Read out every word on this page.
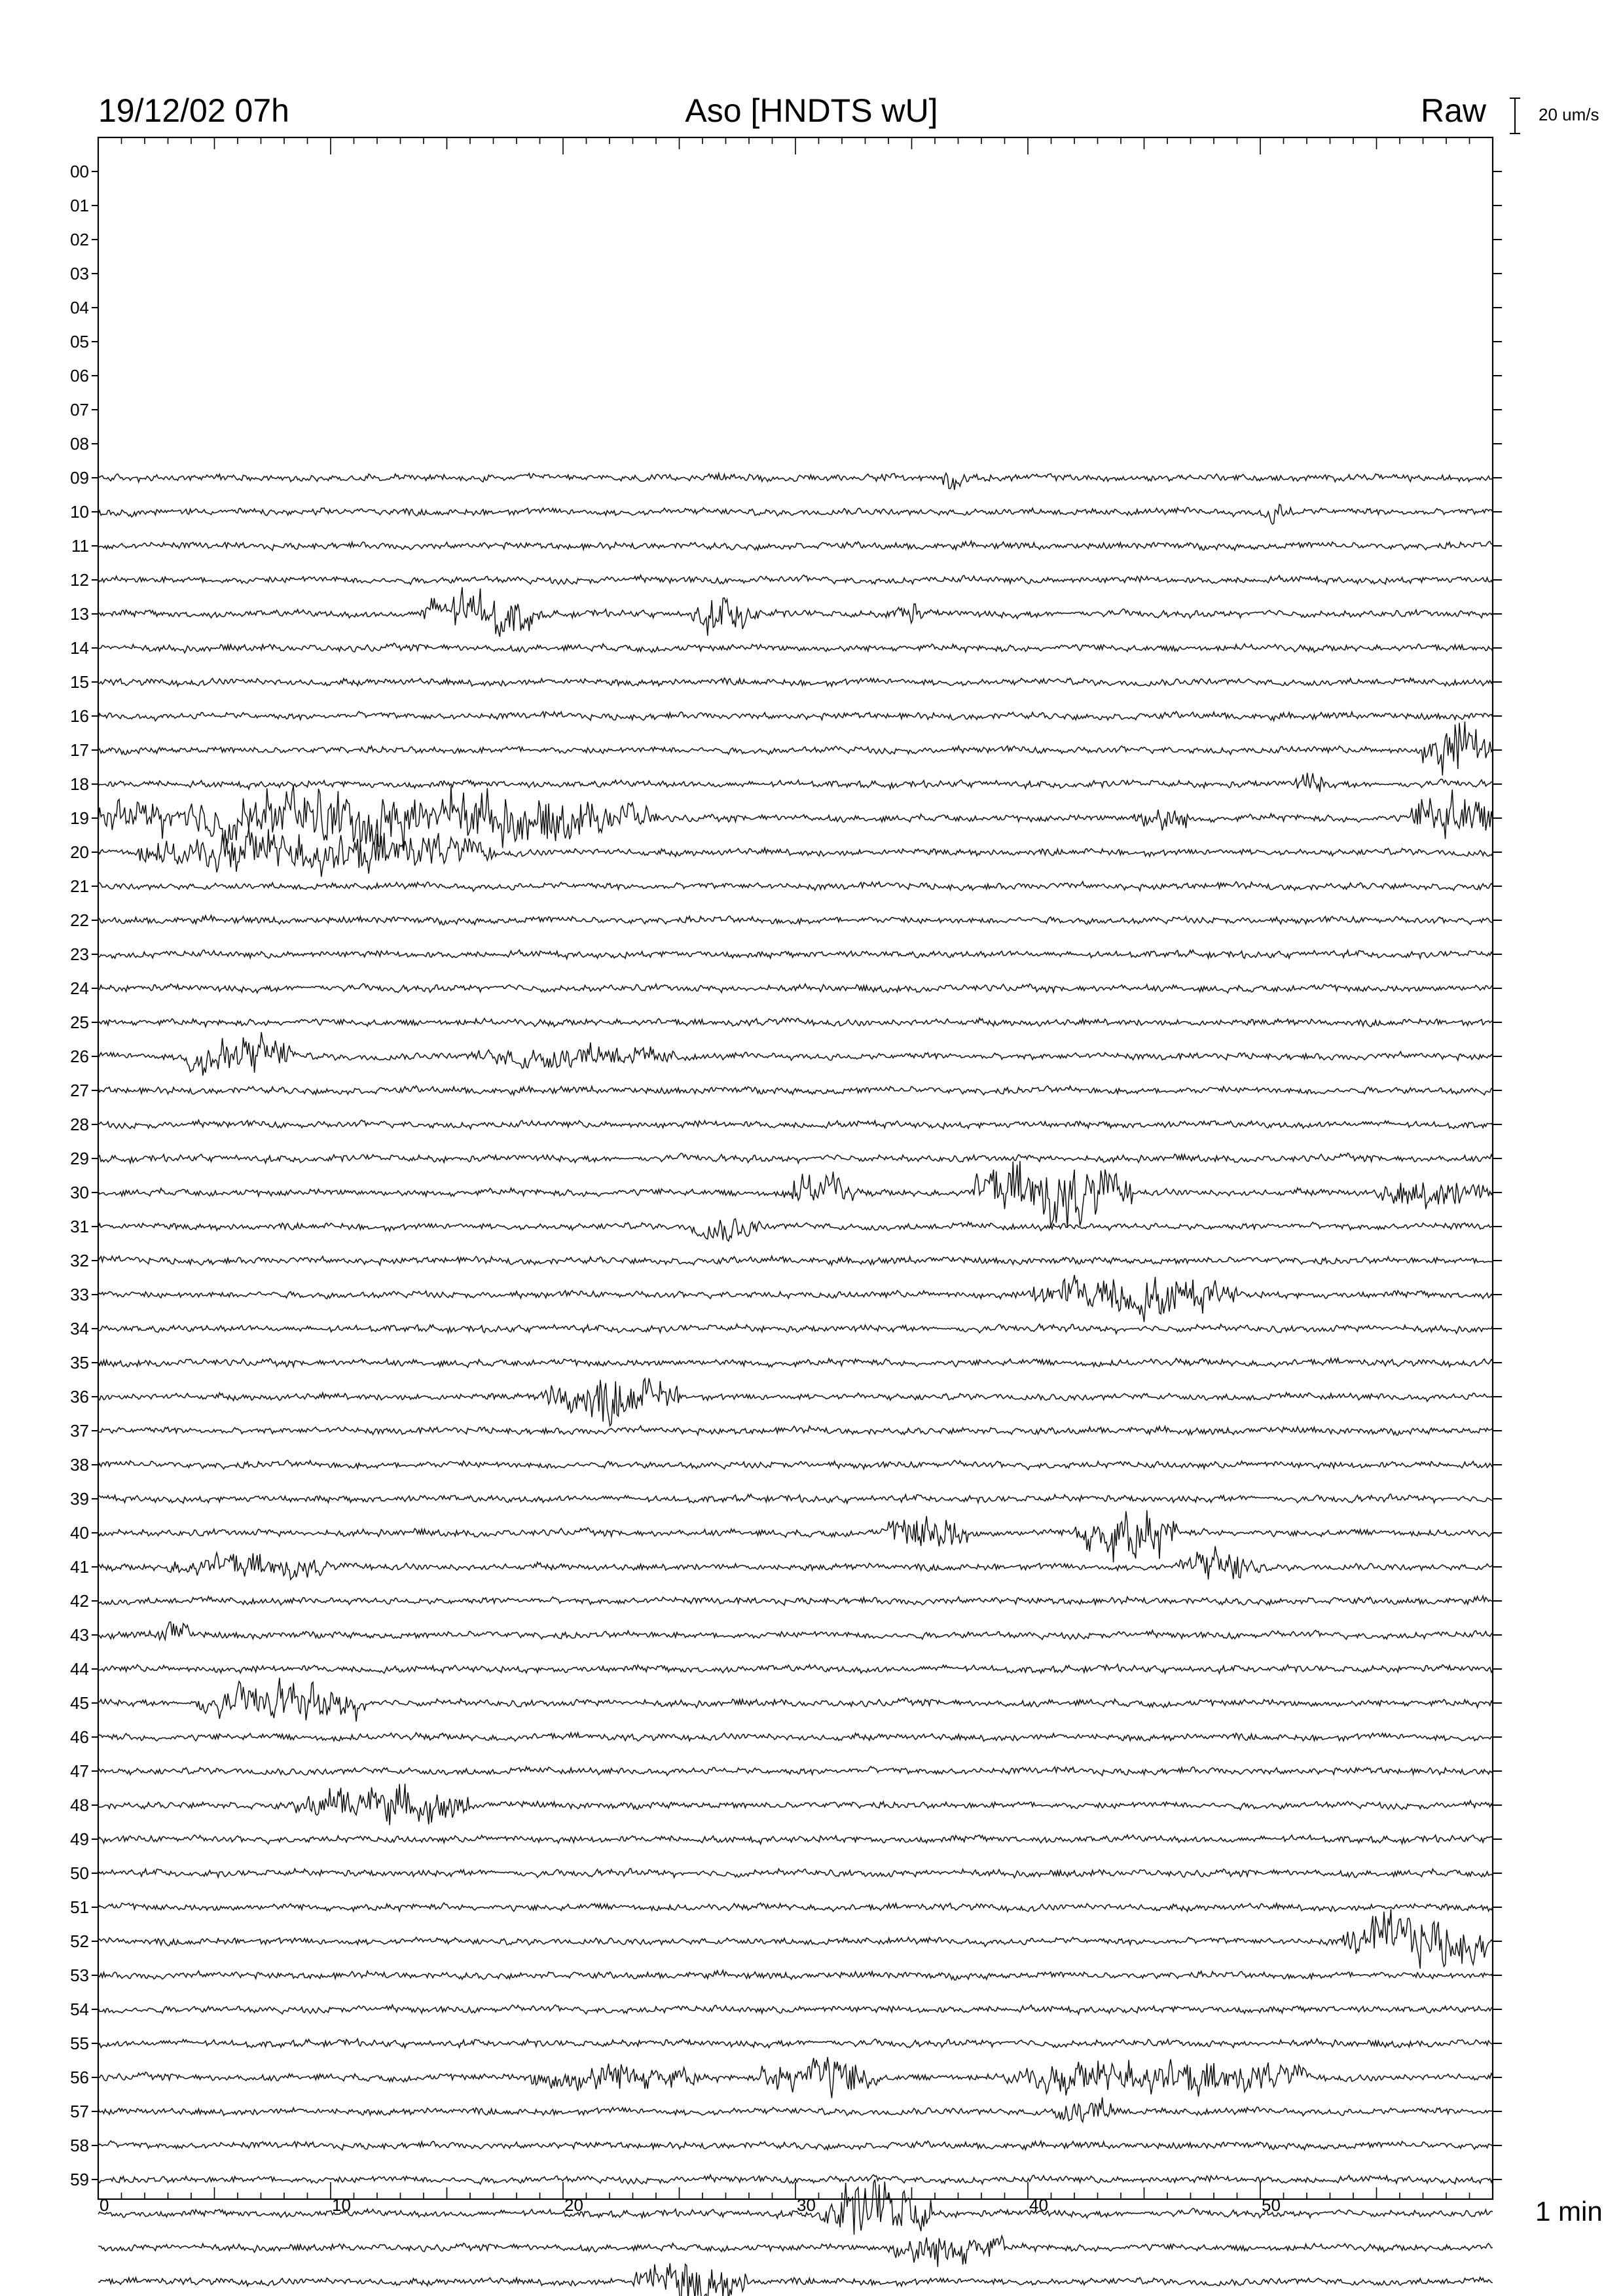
00
01
02
03
04
05
06
07
08
09
10
11
12
13
14
15
16
17
18
19
20
21
22
23
24
25
26
27
28
29
30
31
32
33
34
35
36
37
38
39
40
41
42
43
44
45
46
47
48
49
50
51
52
53
54
55
56
57
58
59
0	10	20	30	40	50
19/12/02 07h	Aso [HNDTS wU]	Raw	20 um/s
1 min
